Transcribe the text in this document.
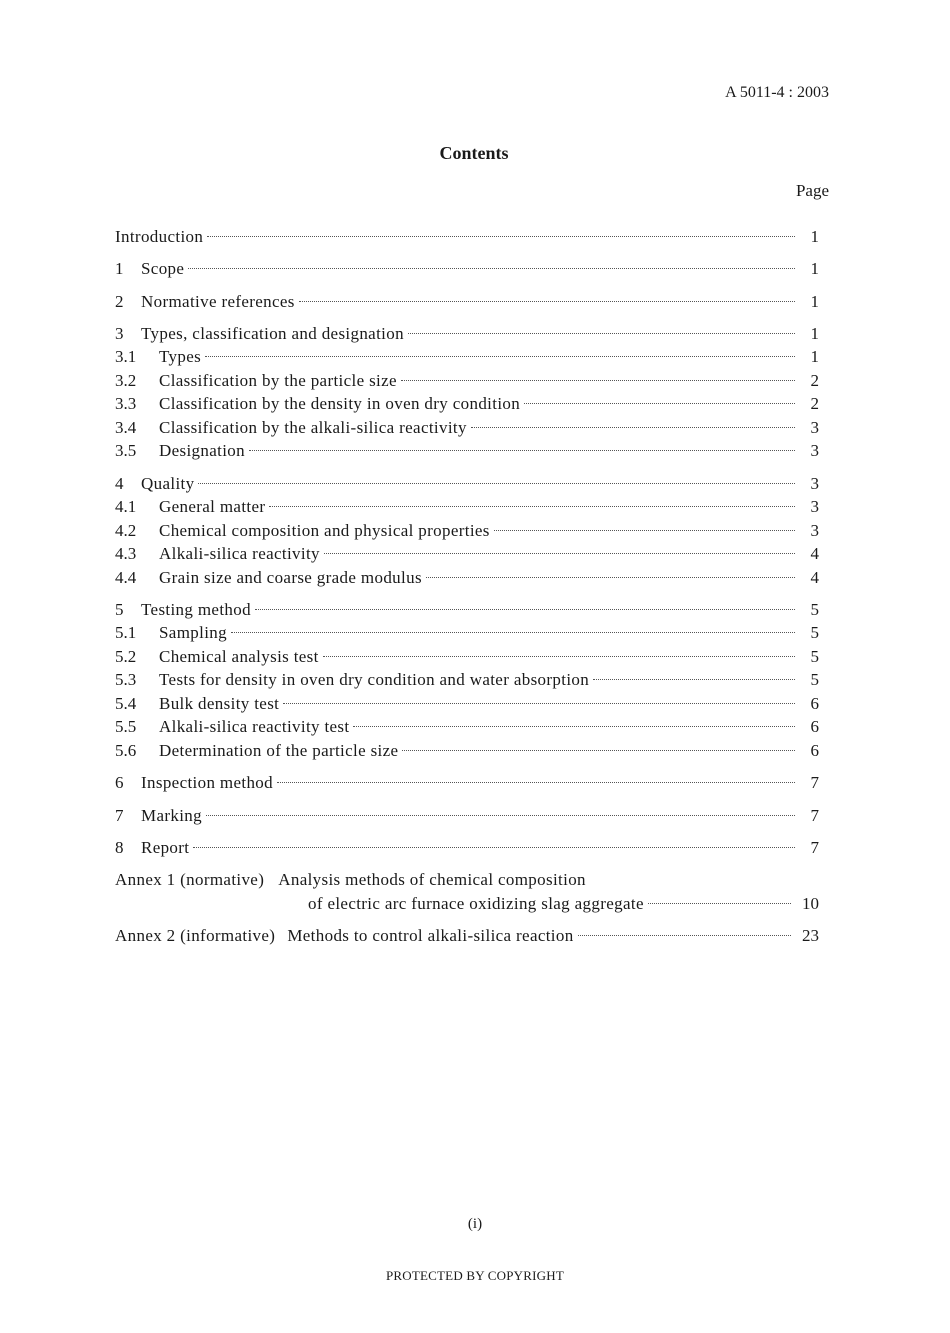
A 5011-4 : 2003
Contents
Page
Introduction	1
1	Scope	1
2	Normative references	1
3	Types, classification and designation	1
3.1	Types	1
3.2	Classification by the particle size	2
3.3	Classification by the density in oven dry condition	2
3.4	Classification by the alkali-silica reactivity	3
3.5	Designation	3
4	Quality	3
4.1	General matter	3
4.2	Chemical composition and physical properties	3
4.3	Alkali-silica reactivity	4
4.4	Grain size and coarse grade modulus	4
5	Testing method	5
5.1	Sampling	5
5.2	Chemical analysis test	5
5.3	Tests for density in oven dry condition and water absorption	5
5.4	Bulk density test	6
5.5	Alkali-silica reactivity test	6
5.6	Determination of the particle size	6
6	Inspection method	7
7	Marking	7
8	Report	7
Annex 1 (normative) Analysis methods of chemical composition
of electric arc furnace oxidizing slag aggregate	10
Annex 2 (informative) Methods to control alkali-silica reaction	23
(i)
PROTECTED BY COPYRIGHT
